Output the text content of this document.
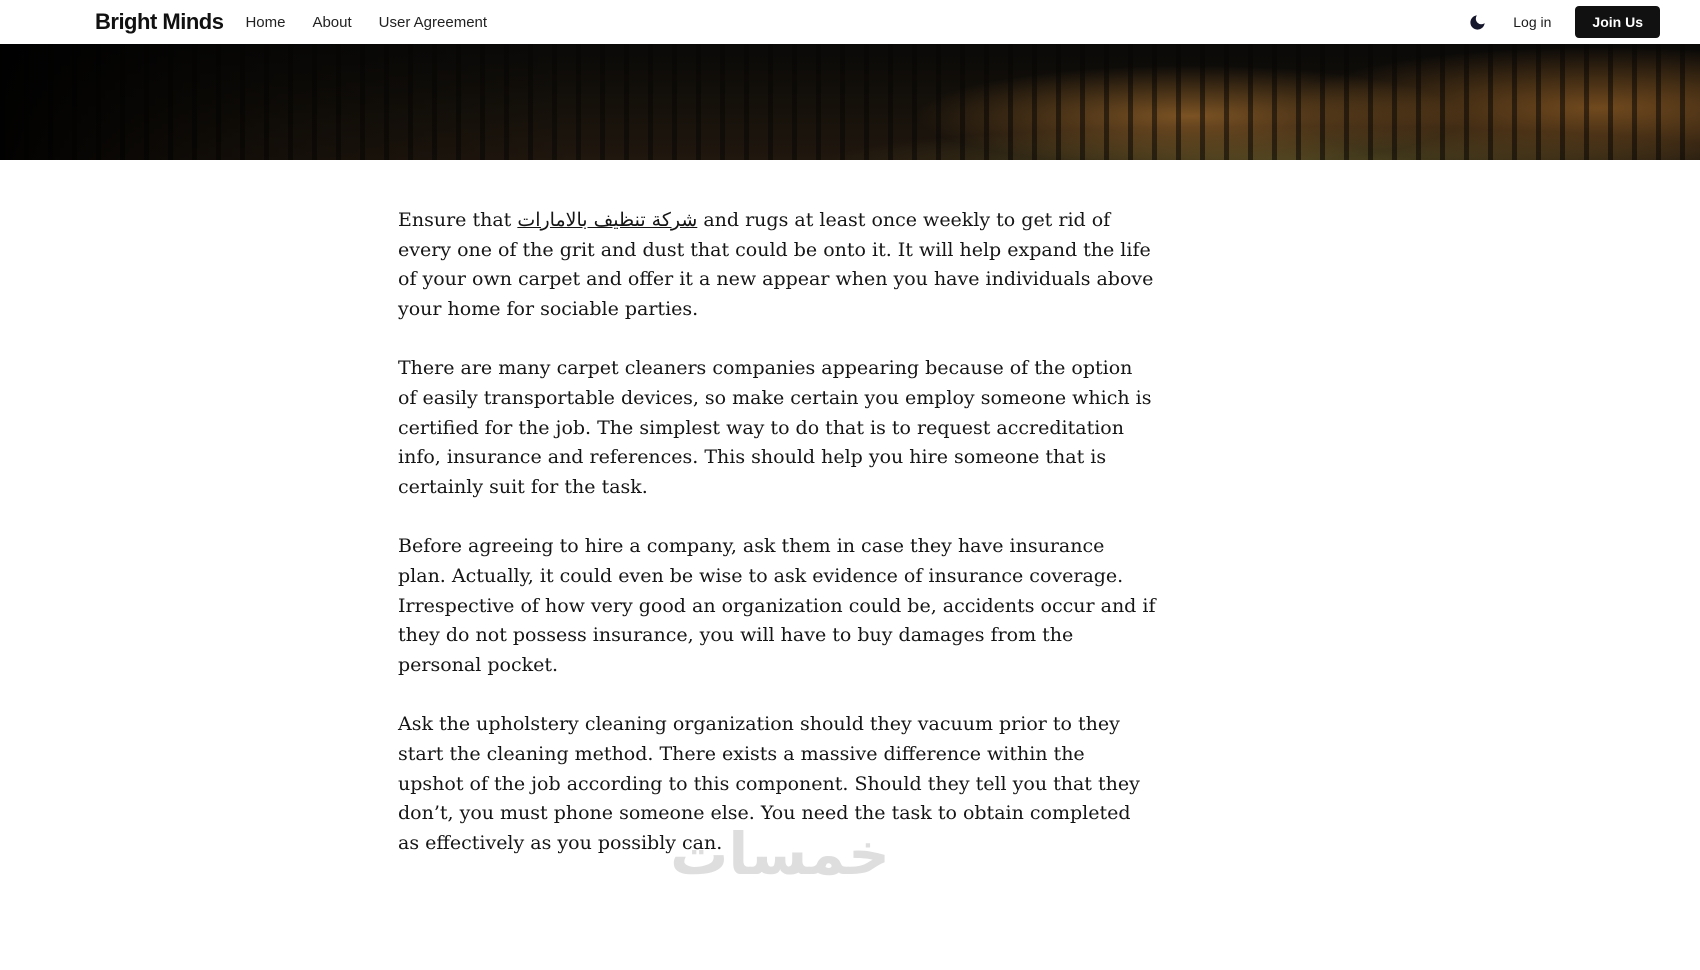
Bright Minds Home About User Agreement	Log in	Join Us

Ensure that شركة تنظيف بالامارات and rugs at least once weekly to get rid of every one of the grit and dust that could be onto it. It will help expand the life of your own carpet and offer it a new appear when you have individuals above your home for sociable parties.

There are many carpet cleaners companies appearing because of the option of easily transportable devices, so make certain you employ someone which is certified for the job. The simplest way to do that is to request accreditation info, insurance and references. This should help you hire someone that is certainly suit for the task.

Before agreeing to hire a company, ask them in case they have insurance plan. Actually, it could even be wise to ask evidence of insurance coverage. Irrespective of how very good an organization could be, accidents occur and if they do not possess insurance, you will have to buy damages from the personal pocket.

Ask the upholstery cleaning organization should they vacuum prior to they start the cleaning method. There exists a massive difference within the upshot of the job according to this component. Should they tell you that they don’t, you must phone someone else. You need the task to obtain completed as effectively as you possibly can.

خمسات
